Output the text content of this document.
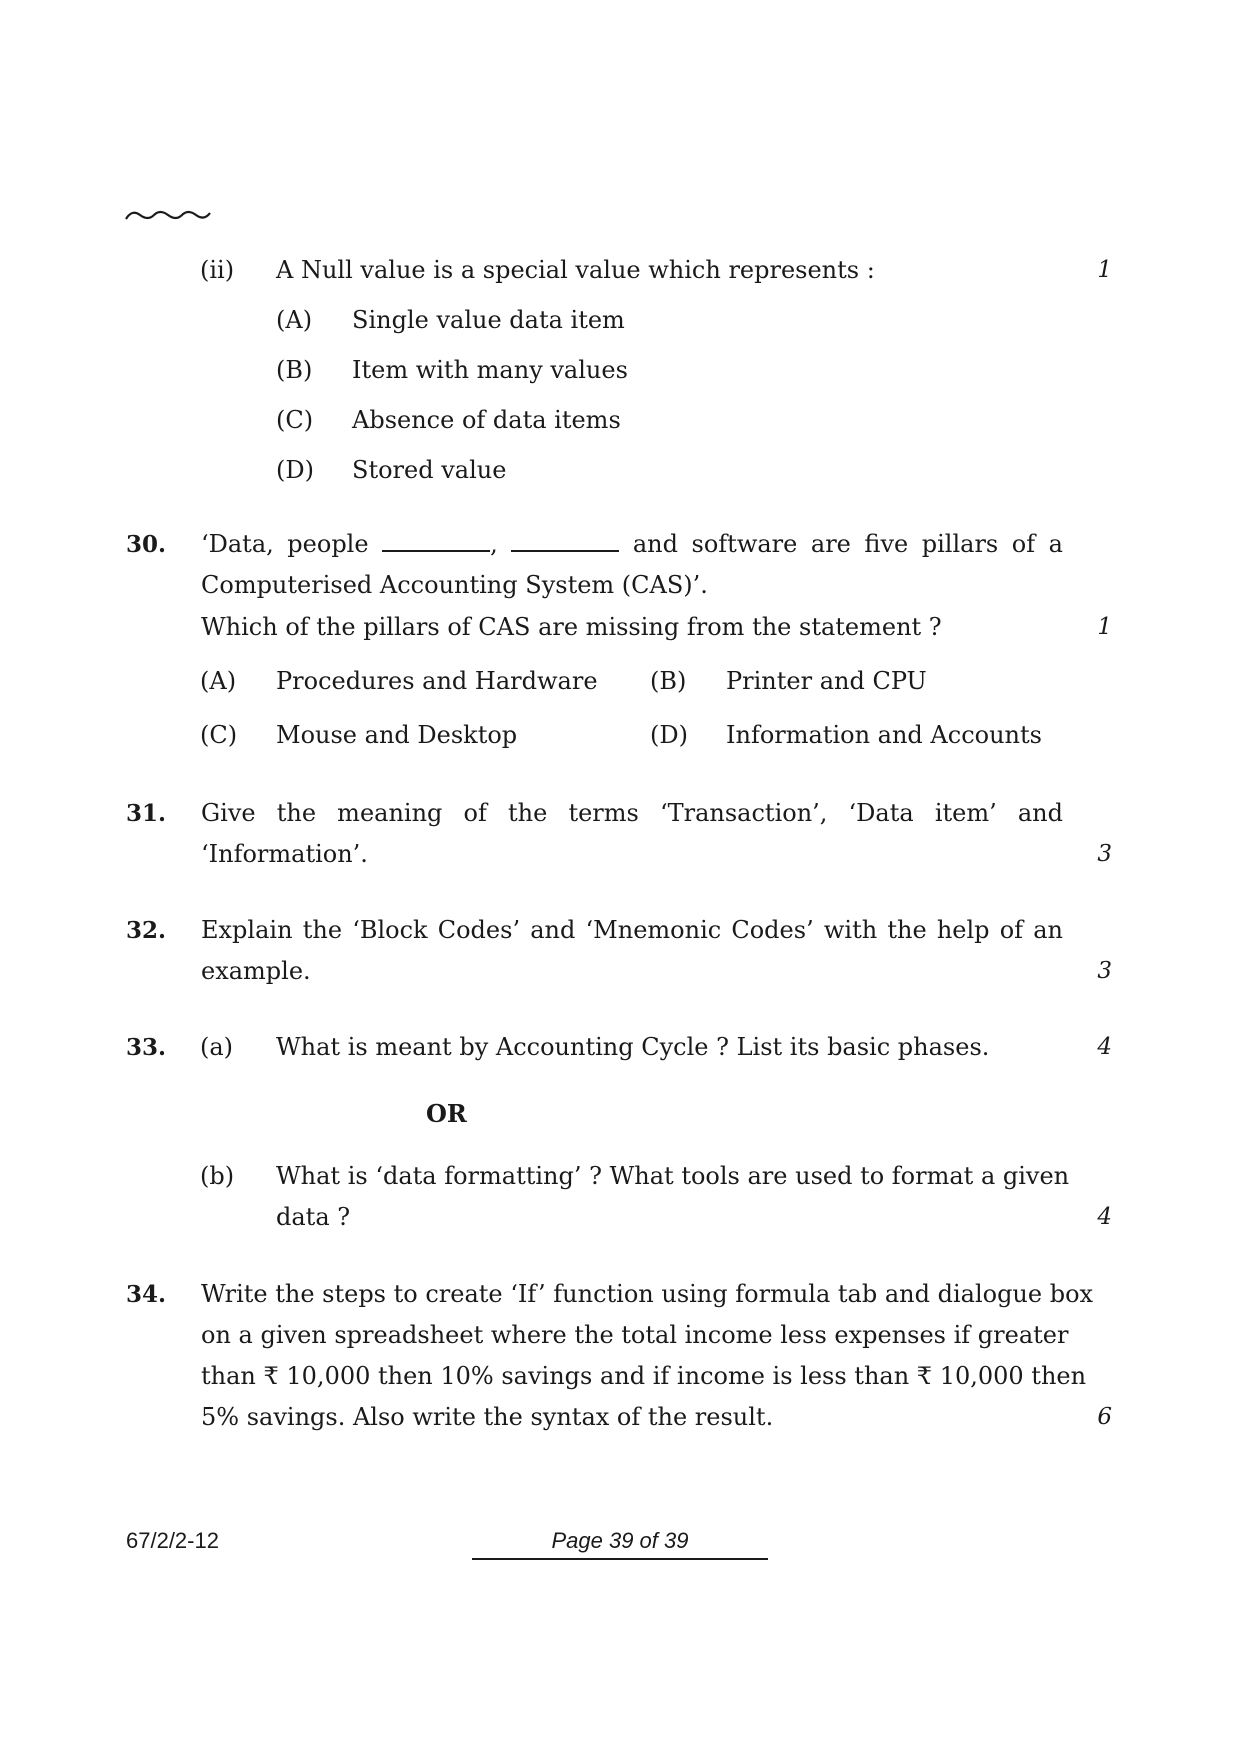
(ii) A Null value is a special value which represents :	1
(A) Single value data item
(B) Item with many values
(C) Absence of data items
(D) Stored value
30. ‘Data, people	,	and software are five pillars of a
Computerised Accounting System (CAS)’.
Which of the pillars of CAS are missing from the statement ?	1
(A) Procedures and Hardware (B) Printer and CPU
(C) Mouse and Desktop	(D) Information and Accounts
31. Give the meaning of the terms ‘Transaction’, ‘Data item’ and
‘Information’.	3
32. Explain the ‘Block Codes’ and ‘Mnemonic Codes’ with the help of an
example.	3
33. (a) What is meant by Accounting Cycle ? List its basic phases.	4
OR
(b) What is ‘data formatting’ ? What tools are used to format a given
data ?	4
34. Write the steps to create ‘If’ function using formula tab and dialogue box
on a given spreadsheet where the total income less expenses if greater
than ₹ 10,000 then 10% savings and if income is less than ₹ 10,000 then
5% savings. Also write the syntax of the result.	6
67/2/2-12	Page 39 of 39
